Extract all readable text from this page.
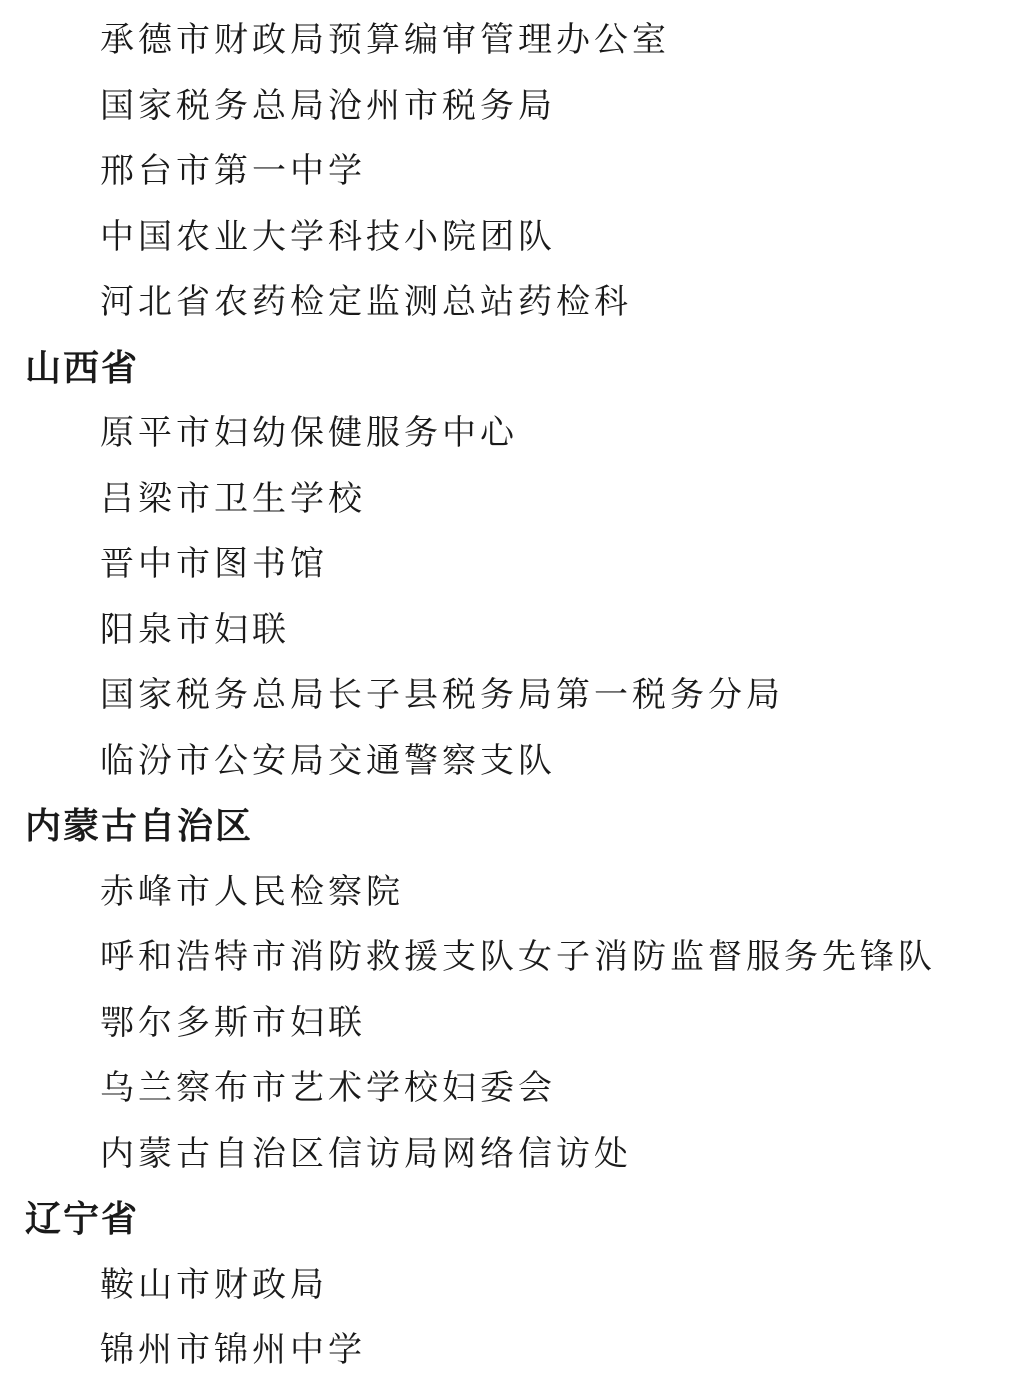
承德市财政局预算编审管理办公室

国家税务总局沧州市税务局

邢台市第一中学

中国农业大学科技小院团队

河北省农药检定监测总站药检科

山西省

原平市妇幼保健服务中心

吕梁市卫生学校

晋中市图书馆

阳泉市妇联

国家税务总局长子县税务局第一税务分局

临汾市公安局交通警察支队

内蒙古自治区

赤峰市人民检察院

呼和浩特市消防救援支队女子消防监督服务先锋队

鄂尔多斯市妇联

乌兰察布市艺术学校妇委会

内蒙古自治区信访局网络信访处

辽宁省

鞍山市财政局

锦州市锦州中学
